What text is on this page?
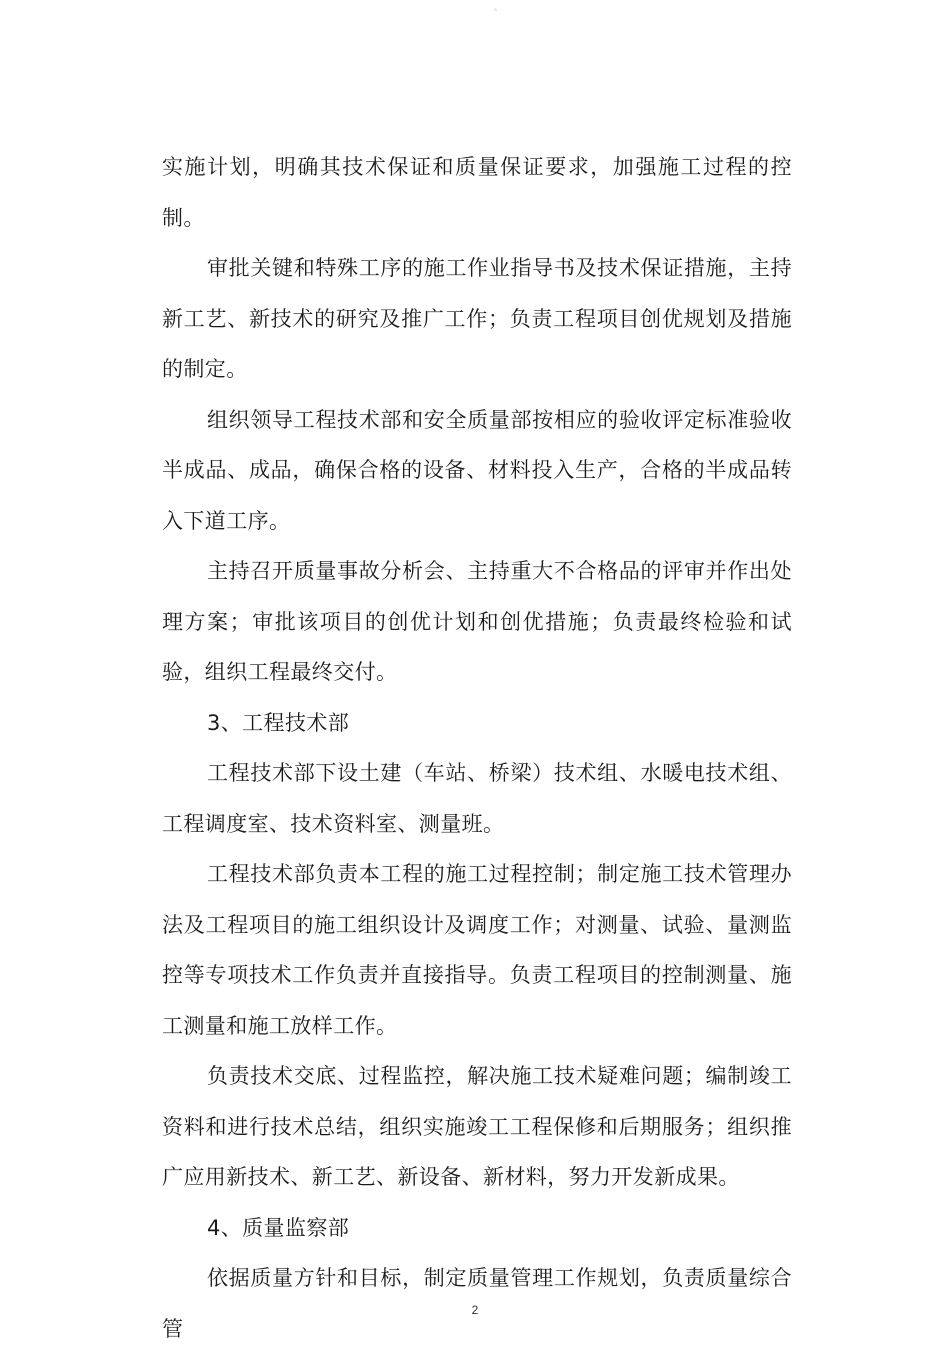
。

实施计划，明确其技术保证和质量保证要求，加强施工过程的控制。

审批关键和特殊工序的施工作业指导书及技术保证措施，主持新工艺、新技术的研究及推广工作；负责工程项目创优规划及措施的制定。

组织领导工程技术部和安全质量部按相应的验收评定标准验收半成品、成品，确保合格的设备、材料投入生产，合格的半成品转入下道工序。

主持召开质量事故分析会、主持重大不合格品的评审并作出处理方案；审批该项目的创优计划和创优措施；负责最终检验和试验，组织工程最终交付。

3、工程技术部

工程技术部下设土建（车站、桥梁）技术组、水暖电技术组、工程调度室、技术资料室、测量班。

工程技术部负责本工程的施工过程控制；制定施工技术管理办法及工程项目的施工组织设计及调度工作；对测量、试验、量测监控等专项技术工作负责并直接指导。负责工程项目的控制测量、施工测量和施工放样工作。

负责技术交底、过程监控，解决施工技术疑难问题；编制竣工资料和进行技术总结，组织实施竣工工程保修和后期服务；组织推广应用新技术、新工艺、新设备、新材料，努力开发新成果。

4、质量监察部

依据质量方针和目标，制定质量管理工作规划，负责质量综合管

2
